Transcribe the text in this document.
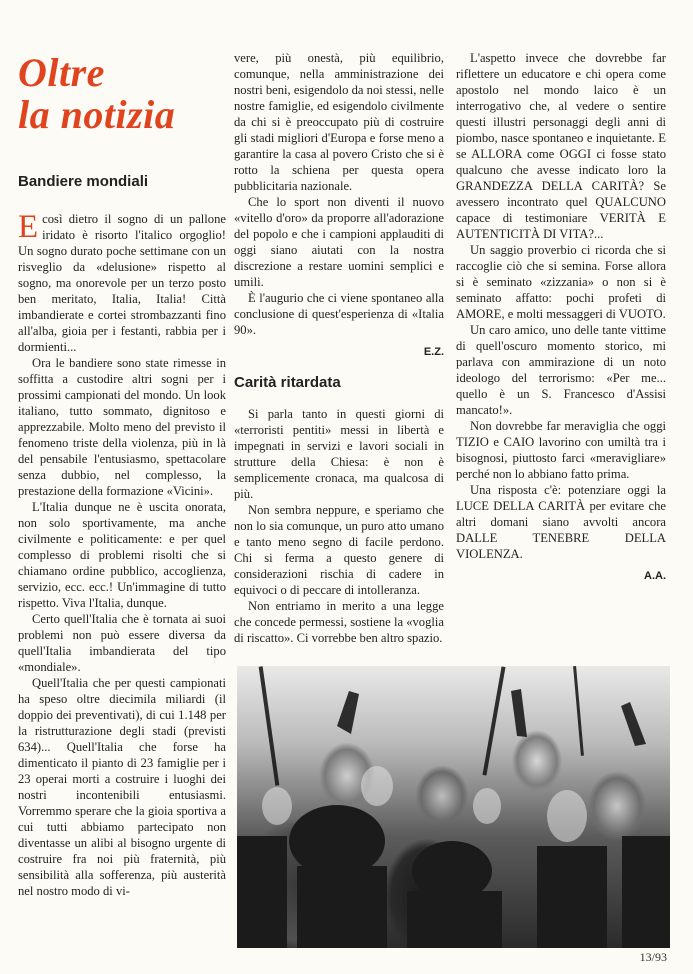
Oltre
la notizia
Bandiere mondiali

Ecosì dietro il sogno di un pallone iridato è risorto l'italico orgoglio! Un sogno durato poche settimane con un risveglio da «delusione» rispetto al sogno, ma onorevole per un terzo posto ben meritato, Italia, Italia! Città imbandierate e cortei strombazzanti fino all'alba, gioia per i festanti, rabbia per i dormienti...

Ora le bandiere sono state rimesse in soffitta a custodire altri sogni per i prossimi campionati del mondo. Un look italiano, tutto sommato, dignitoso e apprezzabile. Molto meno del previsto il fenomeno triste della violenza, più in là del pensabile l'entusiasmo, spettacolare senza dubbio, nel complesso, la prestazione della formazione «Vicini».

L'Italia dunque ne è uscita onorata, non solo sportivamente, ma anche civilmente e politicamente: e per quel complesso di problemi risolti che si chiamano ordine pubblico, accoglienza, servizio, ecc. ecc.! Un'immagine di tutto rispetto. Viva l'Italia, dunque.

Certo quell'Italia che è tornata ai suoi problemi non può essere diversa da quell'Italia imbandierata del tipo «mondiale».

Quell'Italia che per questi campionati ha speso oltre diecimila miliardi (il doppio dei preventivati), di cui 1.148 per la ristrutturazione degli stadi (previsti 634)... Quell'Italia che forse ha dimenticato il pianto di 23 famiglie per i 23 operai morti a costruire i luoghi dei nostri incontenibili entusiasmi. Vorremmo sperare che la gioia sportiva a cui tutti abbiamo partecipato non diventasse un alibi al bisogno urgente di costruire fra noi più fraternità, più sensibilità alla sofferenza, più austerità nel nostro modo di vi-

vere, più onestà, più equilibrio, comunque, nella amministrazione dei nostri beni, esigendolo da noi stessi, nelle nostre famiglie, ed esigendolo civilmente da chi si è preoccupato più di costruire gli stadi migliori d'Europa e forse meno a garantire la casa al povero Cristo che si è rotto la schiena per questa opera pubblicitaria nazionale.

Che lo sport non diventi il nuovo «vitello d'oro» da proporre all'adorazione del popolo e che i campioni applauditi di oggi siano aiutati con la nostra discrezione a restare uomini semplici e umili.

È l'augurio che ci viene spontaneo alla conclusione di quest'esperienza di «Italia 90».

E.Z.
Carità ritardata

Si parla tanto in questi giorni di «terroristi pentiti» messi in libertà e impegnati in servizi e lavori sociali in strutture della Chiesa: è non è semplicemente cronaca, ma qualcosa di più.

Non sembra neppure, e speriamo che non lo sia comunque, un puro atto umano e tanto meno segno di facile perdono. Chi si ferma a questo genere di considerazioni rischia di cadere in equivoci o di peccare di intolleranza.

Non entriamo in merito a una legge che concede permessi, sostiene la «voglia di riscatto». Ci vorrebbe ben altro spazio.

L'aspetto invece che dovrebbe far riflettere un educatore e chi opera come apostolo nel mondo laico è un interrogativo che, al vedere o sentire questi illustri personaggi degli anni di piombo, nasce spontaneo e inquietante. E se ALLORA come OGGI ci fosse stato qualcuno che avesse indicato loro la GRANDEZZA DELLA CARITÀ? Se avessero incontrato quel QUALCUNO capace di testimoniare VERITÀ E AUTENTICITÀ DI VITA?...

Un saggio proverbio ci ricorda che si raccoglie ciò che si semina. Forse allora si è seminato «zizzania» o non si è seminato affatto: pochi profeti di AMORE, e molti messaggeri di VUOTO.

Un caro amico, uno delle tante vittime di quell'oscuro momento storico, mi parlava con ammirazione di un noto ideologo del terrorismo: «Per me... quello è un S. Francesco d'Assisi mancato!».

Non dovrebbe far meraviglia che oggi TIZIO e CAIO lavorino con umiltà tra i bisognosi, piuttosto farci «meravigliare» perché non lo abbiano fatto prima.

Una risposta c'è: potenziare oggi la LUCE DELLA CARITÀ per evitare che altri domani siano avvolti ancora DALLE TENEBRE DELLA VIOLENZA.

A.A.
13/93
